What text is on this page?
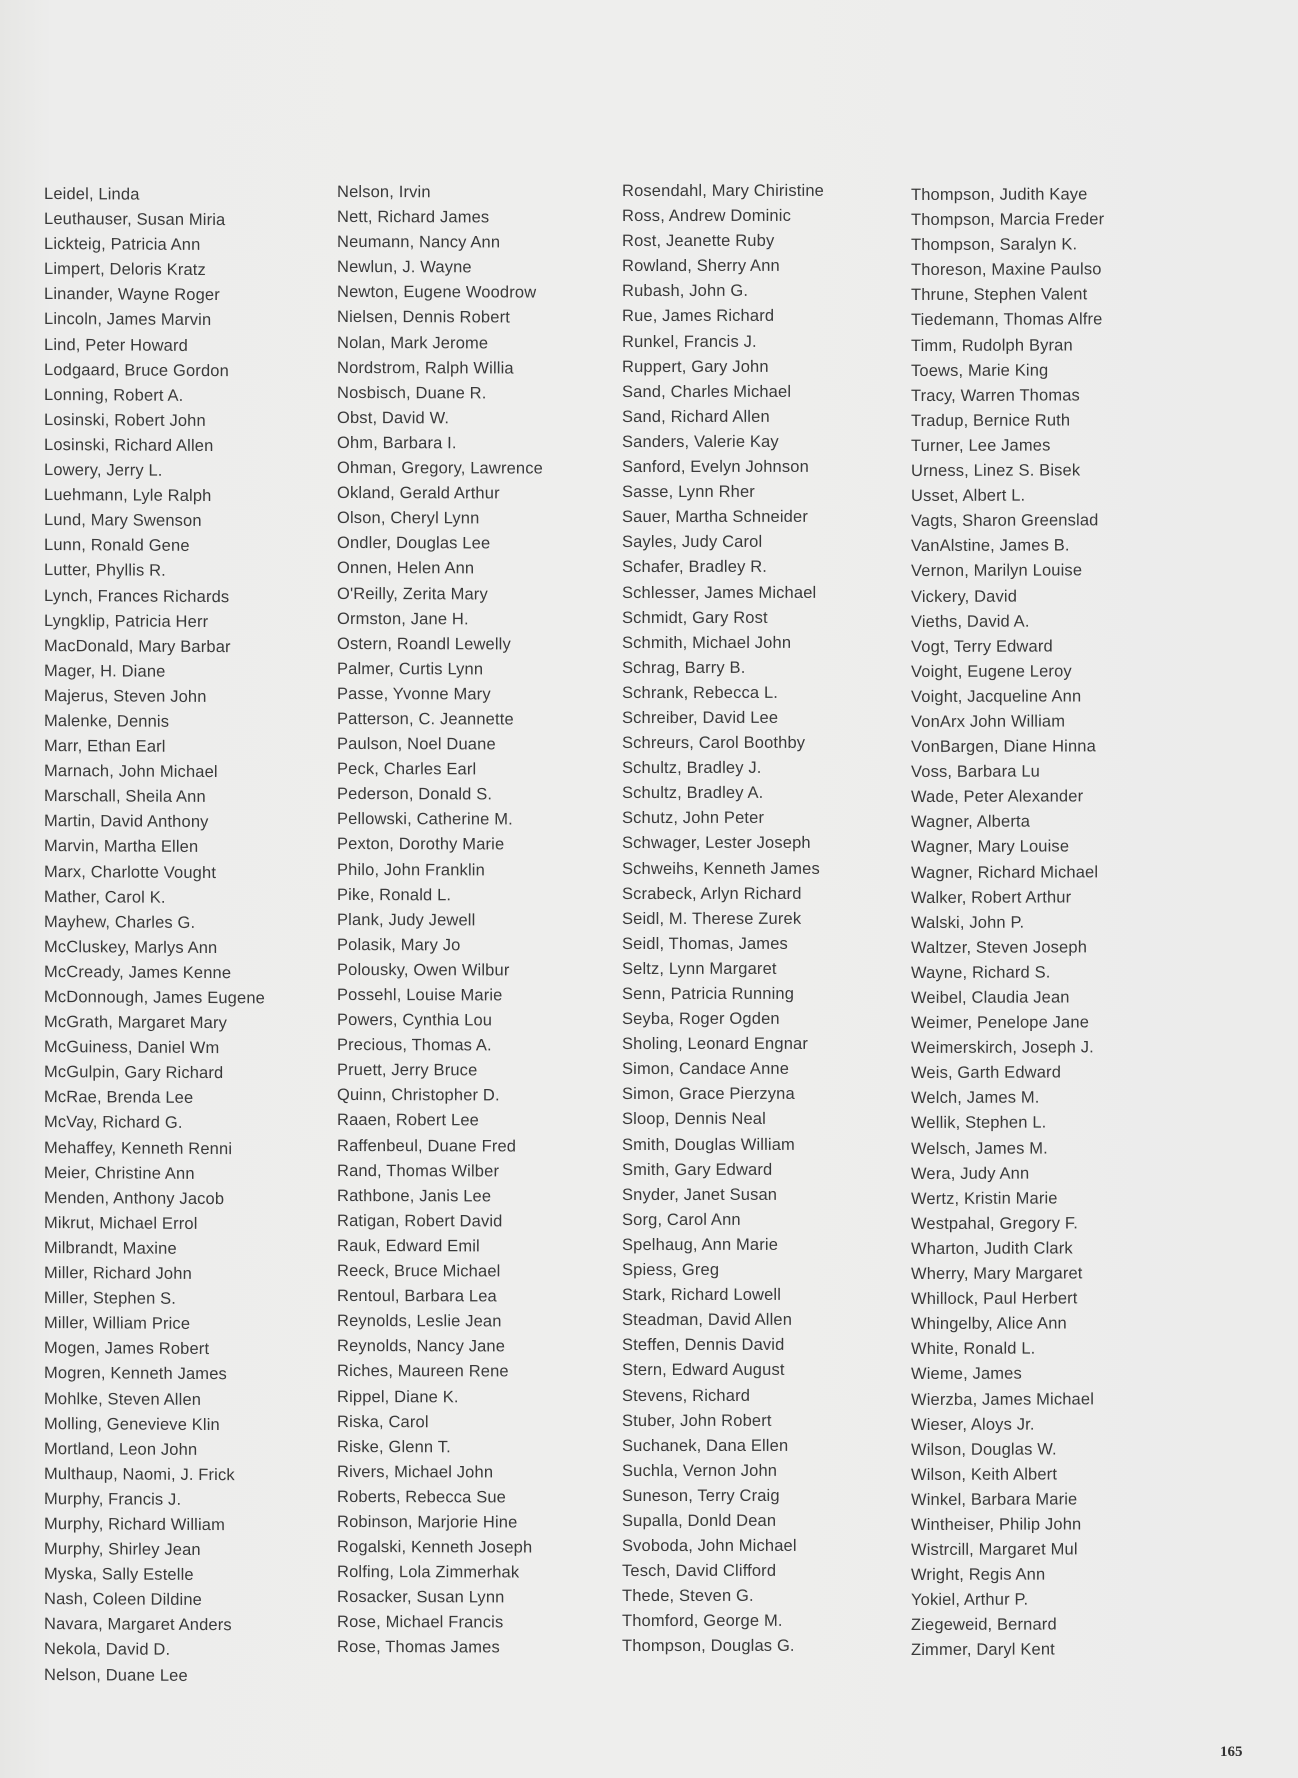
Leidel, Linda
Leuthauser, Susan Miria
Lickteig, Patricia Ann
Limpert, Deloris Kratz
Linander, Wayne Roger
Lincoln, James Marvin
Lind, Peter Howard
Lodgaard, Bruce Gordon
Lonning, Robert A.
Losinski, Robert John
Losinski, Richard Allen
Lowery, Jerry L.
Luehmann, Lyle Ralph
Lund, Mary Swenson
Lunn, Ronald Gene
Lutter, Phyllis R.
Lynch, Frances Richards
Lyngklip, Patricia Herr
MacDonald, Mary Barbar
Mager, H. Diane
Majerus, Steven John
Malenke, Dennis
Marr, Ethan Earl
Marnach, John Michael
Marschall, Sheila Ann
Martin, David Anthony
Marvin, Martha Ellen
Marx, Charlotte Vought
Mather, Carol K.
Mayhew, Charles G.
McCluskey, Marlys Ann
McCready, James Kenne
McDonnough, James Eugene
McGrath, Margaret Mary
McGuiness, Daniel Wm
McGulpin, Gary Richard
McRae, Brenda Lee
McVay, Richard G.
Mehaffey, Kenneth Renni
Meier, Christine Ann
Menden, Anthony Jacob
Mikrut, Michael Errol
Milbrandt, Maxine
Miller, Richard John
Miller, Stephen S.
Miller, William Price
Mogen, James Robert
Mogren, Kenneth James
Mohlke, Steven Allen
Molling, Genevieve Klin
Mortland, Leon John
Multhaup, Naomi, J. Frick
Murphy, Francis J.
Murphy, Richard William
Murphy, Shirley Jean
Myska, Sally Estelle
Nash, Coleen Dildine
Navara, Margaret Anders
Nekola, David D.
Nelson, Duane Lee
Nelson, Irvin
Nett, Richard James
Neumann, Nancy Ann
Newlun, J. Wayne
Newton, Eugene Woodrow
Nielsen, Dennis Robert
Nolan, Mark Jerome
Nordstrom, Ralph Willia
Nosbisch, Duane R.
Obst, David W.
Ohm, Barbara I.
Ohman, Gregory, Lawrence
Okland, Gerald Arthur
Olson, Cheryl Lynn
Ondler, Douglas Lee
Onnen, Helen Ann
O'Reilly, Zerita Mary
Ormston, Jane H.
Ostern, Roandl Lewelly
Palmer, Curtis Lynn
Passe, Yvonne Mary
Patterson, C. Jeannette
Paulson, Noel Duane
Peck, Charles Earl
Pederson, Donald S.
Pellowski, Catherine M.
Pexton, Dorothy Marie
Philo, John Franklin
Pike, Ronald L.
Plank, Judy Jewell
Polasik, Mary Jo
Polousky, Owen Wilbur
Possehl, Louise Marie
Powers, Cynthia Lou
Precious, Thomas A.
Pruett, Jerry Bruce
Quinn, Christopher D.
Raaen, Robert Lee
Raffenbeul, Duane Fred
Rand, Thomas Wilber
Rathbone, Janis Lee
Ratigan, Robert David
Rauk, Edward Emil
Reeck, Bruce Michael
Rentoul, Barbara Lea
Reynolds, Leslie Jean
Reynolds, Nancy Jane
Riches, Maureen Rene
Rippel, Diane K.
Riska, Carol
Riske, Glenn T.
Rivers, Michael John
Roberts, Rebecca Sue
Robinson, Marjorie Hine
Rogalski, Kenneth Joseph
Rolfing, Lola Zimmerhak
Rosacker, Susan Lynn
Rose, Michael Francis
Rose, Thomas James
Rosendahl, Mary Chiristine
Ross, Andrew Dominic
Rost, Jeanette Ruby
Rowland, Sherry Ann
Rubash, John G.
Rue, James Richard
Runkel, Francis J.
Ruppert, Gary John
Sand, Charles Michael
Sand, Richard Allen
Sanders, Valerie Kay
Sanford, Evelyn Johnson
Sasse, Lynn Rher
Sauer, Martha Schneider
Sayles, Judy Carol
Schafer, Bradley R.
Schlesser, James Michael
Schmidt, Gary Rost
Schmith, Michael John
Schrag, Barry B.
Schrank, Rebecca L.
Schreiber, David Lee
Schreurs, Carol Boothby
Schultz, Bradley J.
Schultz, Bradley A.
Schutz, John Peter
Schwager, Lester Joseph
Schweihs, Kenneth James
Scrabeck, Arlyn Richard
Seidl, M. Therese Zurek
Seidl, Thomas, James
Seltz, Lynn Margaret
Senn, Patricia Running
Seyba, Roger Ogden
Sholing, Leonard Engnar
Simon, Candace Anne
Simon, Grace Pierzyna
Sloop, Dennis Neal
Smith, Douglas William
Smith, Gary Edward
Snyder, Janet Susan
Sorg, Carol Ann
Spelhaug, Ann Marie
Spiess, Greg
Stark, Richard Lowell
Steadman, David Allen
Steffen, Dennis David
Stern, Edward August
Stevens, Richard
Stuber, John Robert
Suchanek, Dana Ellen
Suchla, Vernon John
Suneson, Terry Craig
Supalla, Donld Dean
Svoboda, John Michael
Tesch, David Clifford
Thede, Steven G.
Thomford, George M.
Thompson, Douglas G.
Thompson, Judith Kaye
Thompson, Marcia Freder
Thompson, Saralyn K.
Thoreson, Maxine Paulso
Thrune, Stephen Valent
Tiedemann, Thomas Alfre
Timm, Rudolph Byran
Toews, Marie King
Tracy, Warren Thomas
Tradup, Bernice Ruth
Turner, Lee James
Urness, Linez S. Bisek
Usset, Albert L.
Vagts, Sharon Greenslad
VanAlstine, James B.
Vernon, Marilyn Louise
Vickery, David
Vieths, David A.
Vogt, Terry Edward
Voight, Eugene Leroy
Voight, Jacqueline Ann
VonArx John William
VonBargen, Diane Hinna
Voss, Barbara Lu
Wade, Peter Alexander
Wagner, Alberta
Wagner, Mary Louise
Wagner, Richard Michael
Walker, Robert Arthur
Walski, John P.
Waltzer, Steven Joseph
Wayne, Richard S.
Weibel, Claudia Jean
Weimer, Penelope Jane
Weimerskirch, Joseph J.
Weis, Garth Edward
Welch, James M.
Wellik, Stephen L.
Welsch, James M.
Wera, Judy Ann
Wertz, Kristin Marie
Westpahal, Gregory F.
Wharton, Judith Clark
Wherry, Mary Margaret
Whillock, Paul Herbert
Whingelby, Alice Ann
White, Ronald L.
Wieme, James
Wierzba, James Michael
Wieser, Aloys Jr.
Wilson, Douglas W.
Wilson, Keith Albert
Winkel, Barbara Marie
Wintheiser, Philip John
Wistrcill, Margaret Mul
Wright, Regis Ann
Yokiel, Arthur P.
Ziegeweid, Bernard
Zimmer, Daryl Kent
165
